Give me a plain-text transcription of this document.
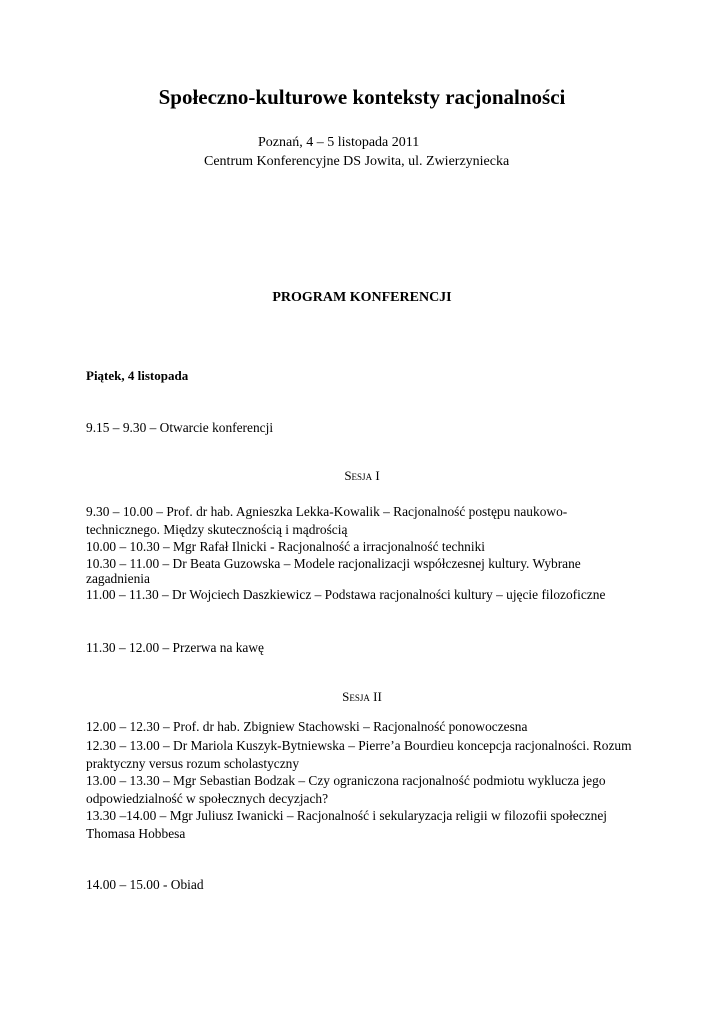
Społeczno-kulturowe konteksty racjonalności
Poznań, 4 – 5 listopada 2011
Centrum Konferencyjne DS Jowita, ul. Zwierzyniecka
PROGRAM KONFERENCJI
Piątek, 4 listopada
9.15 – 9.30 – Otwarcie konferencji
Sesja I
9.30 – 10.00 – Prof. dr hab. Agnieszka Lekka-Kowalik – Racjonalność postępu naukowo-
technicznego. Między skutecznością i mądrością
10.00 – 10.30 – Mgr Rafał Ilnicki - Racjonalność a irracjonalność techniki
10.30 – 11.00 – Dr Beata Guzowska – Modele racjonalizacji współczesnej kultury. Wybrane
zagadnienia
11.00 – 11.30 – Dr Wojciech Daszkiewicz – Podstawa racjonalności kultury – ujęcie filozoficzne
11.30 – 12.00 – Przerwa na kawę
Sesja II
12.00 – 12.30 – Prof. dr hab. Zbigniew Stachowski – Racjonalność ponowoczesna
12.30 – 13.00 – Dr Mariola Kuszyk-Bytniewska – Pierre’a Bourdieu koncepcja racjonalności. Rozum
praktyczny versus rozum scholastyczny
13.00 – 13.30 – Mgr Sebastian Bodzak – Czy ograniczona racjonalność podmiotu wyklucza jego
odpowiedzialność w społecznych decyzjach?
13.30 –14.00 – Mgr Juliusz Iwanicki – Racjonalność i sekularyzacja religii w filozofii społecznej
Thomasa Hobbesa
14.00 – 15.00 - Obiad
